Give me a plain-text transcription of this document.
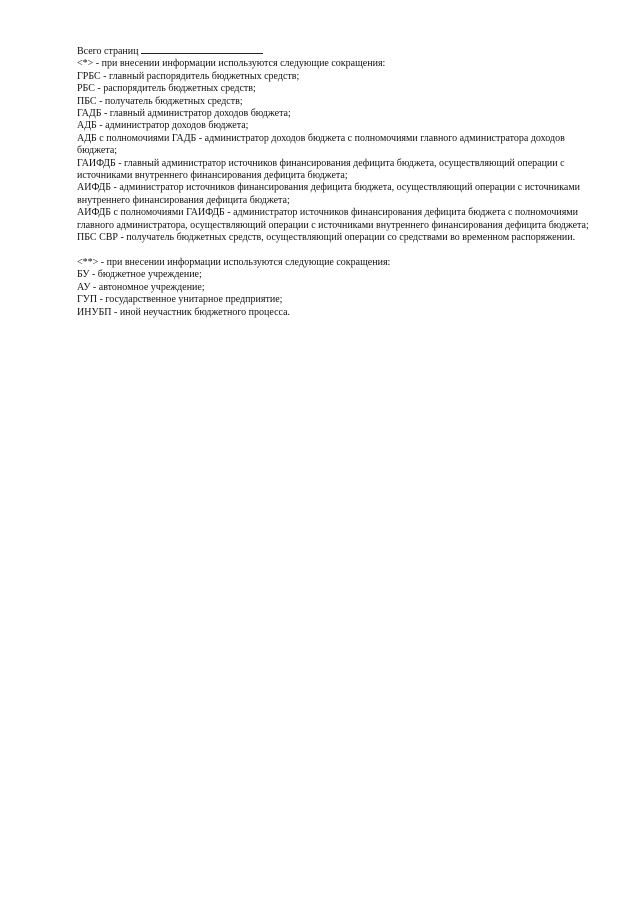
Всего страниц
<*> - при внесении информации используются следующие сокращения:
ГРБС - главный распорядитель бюджетных средств;
РБС - распорядитель бюджетных средств;
ПБС - получатель бюджетных средств;
ГАДБ - главный администратор доходов бюджета;
АДБ - администратор доходов бюджета;
АДБ с полномочиями ГАДБ - администратор доходов бюджета с полномочиями главного администратора доходов бюджета;
ГАИФДБ - главный администратор источников финансирования дефицита бюджета, осуществляющий операции с источниками внутреннего финансирования дефицита бюджета;
АИФДБ - администратор источников финансирования дефицита бюджета, осуществляющий операции с источниками внутреннего финансирования дефицита бюджета;
АИФДБ с полномочиями ГАИФДБ - администратор источников финансирования дефицита бюджета с полномочиями главного администратора, осуществляющий операции с источниками внутреннего финансирования дефицита бюджета;
ПБС СВР - получатель бюджетных средств, осуществляющий операции со средствами во временном распоряжении.
<**> - при внесении информации используются следующие сокращения:
БУ - бюджетное учреждение;
АУ - автономное учреждение;
ГУП - государственное унитарное предприятие;
ИНУБП - иной неучастник бюджетного процесса.
